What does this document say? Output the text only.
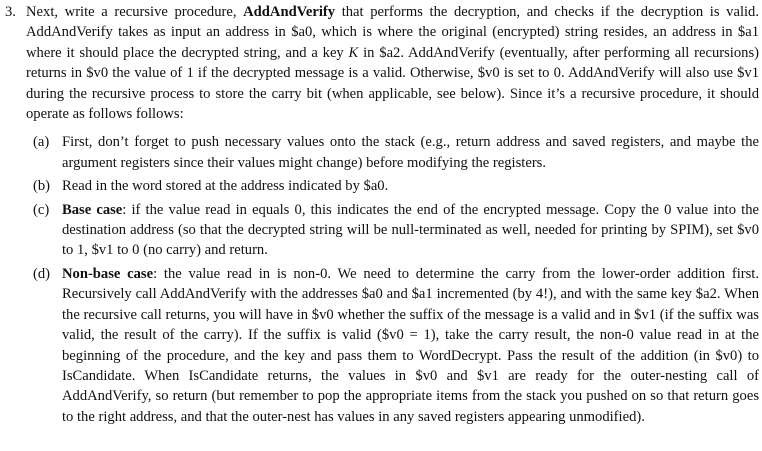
3. Next, write a recursive procedure, AddAndVerify that performs the decryption, and checks if the decryption is valid. AddAndVerify takes as input an address in $a0, which is where the original (encrypted) string resides, an address in $a1 where it should place the decrypted string, and a key K in $a2. AddAndVerify (eventually, after performing all recursions) returns in $v0 the value of 1 if the decrypted message is a valid. Otherwise, $v0 is set to 0. AddAndVerify will also use $v1 during the recursive process to store the carry bit (when applicable, see below). Since it’s a recursive procedure, it should operate as follows follows:
(a) First, don’t forget to push necessary values onto the stack (e.g., return address and saved registers, and maybe the argument registers since their values might change) before modifying the registers.
(b) Read in the word stored at the address indicated by $a0.
(c) Base case: if the value read in equals 0, this indicates the end of the encrypted message. Copy the 0 value into the destination address (so that the decrypted string will be null-terminated as well, needed for printing by SPIM), set $v0 to 1, $v1 to 0 (no carry) and return.
(d) Non-base case: the value read in is non-0. We need to determine the carry from the lower-order addition first. Recursively call AddAndVerify with the addresses $a0 and $a1 incremented (by 4!), and with the same key $a2. When the recursive call returns, you will have in $v0 whether the suffix of the message is a valid and in $v1 (if the suffix was valid, the result of the carry). If the suffix is valid ($v0 = 1), take the carry result, the non-0 value read in at the beginning of the procedure, and the key and pass them to WordDecrypt. Pass the result of the addition (in $v0) to IsCandidate. When IsCandidate returns, the values in $v0 and $v1 are ready for the outer-nesting call of AddAndVerify, so return (but remember to pop the appropriate items from the stack you pushed on so that return goes to the right address, and that the outer-nest has values in any saved registers appearing unmodified).
